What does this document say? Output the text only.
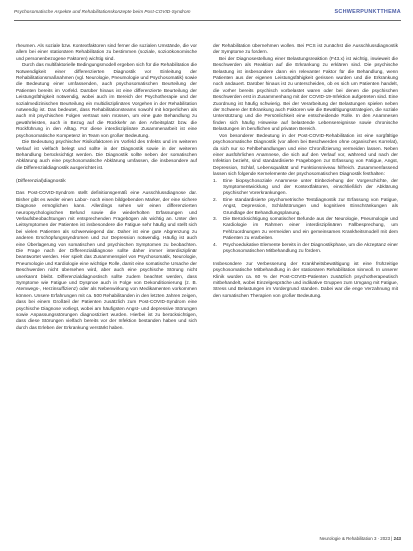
Psychosomatische Aspekte und Rehabilitationskonzepte beim Post-COVID-Syndrom	SCHWERPUNKTTHEMA

rheumen. Als soziale bzw. Kontextfaktoren sind ferner die sozialen Umstände, die vor allem bei einer stationären Rehabilitation zu bestimmen (soziale, sozioökonomische und personenbezogene Faktoren) wichtig sind.

Durch das multifaktorielle Bedingungsmodell ergeben sich für die Rehabilitation die Notwendigkeit einer differenzierten Diagnostik vor Einleitung der Rehabilitationsmaßnahmen (vgl. Neurologie, Pneumologie und Psychosomatik) sowie die Bedeutung einer umfassenden, auch psychosomatischen Beurteilung der Patienten bereits im Vorfeld. Darüber hinaus ist eine differenzierte Beurteilung der Leistungsfähigkeit notwendig, wobei auch im Bereich der Psychotherapie und der sozialmedizinischen Beurteilung ein multidisziplinäres Vorgehen in der Rehabilitation notwendig ist. Das bedeutet, dass Rehabilitationsteams sowohl mit körperlichen als auch mit psychischen Folgen vertraut sein müssen, um eine gute Behandlung zu gewährleisten, auch in Bezug auf die Rückkehr an den Arbeitsplatz bzw. die Rückführung in den Alltag. Für diese interdisziplinäre Zusammenarbeit ist eine psychosomatische Kompetenz im Team von großer Bedeutung.

Die Bedeutung psychischer Risikofaktoren im Vorfeld des Infekts und im weiteren Verlauf ist vielfach belegt und sollte in der Diagnostik sowie in der weiteren Behandlung berücksichtigt werden. Die Diagnostik sollte neben der somatischen Abklärung auch eine psychosomatische Abklärung umfassen, die insbesondere auf die Differenzialdiagnostik ausgerichtet ist.

(Differenzial)diagnostik

Das Post-COVID-Syndrom stellt definitionsgemäß eine Ausschlussdiagnose dar. Bisher gibt es weder einen Labor- noch einen bildgebenden Marker, der eine sichere Diagnose ermöglichen kann. Allerdings sehen wir einen differenzierten neuropsychologischen Befund sowie die wiederholten Erfassungen und Verlaufsbeobachtungen mit entsprechenden Fragebögen als wichtig an. Unter den Leitsymptomen der Patienten ist insbesondere die Fatigue sehr häufig und stellt sich bei vielen Patienten als schwerwiegend dar. Daher ist eine gute Abgrenzung zu anderen Erschöpfungssyndromen und zur Depression notwendig. Häufig ist auch eine Überlagerung von somatischen und psychischen Symptomen zu beobachten. Die Frage nach der Differenzialdiagnose sollte daher immer interdisziplinär beantwortet werden. Hier spielt das Zusammenspiel von Psychosomatik, Neurologie, Pneumologie und Kardiologie eine wichtige Rolle, damit eine somatische Ursache der Beschwerden nicht übersehen wird, aber auch eine psychische Störung nicht unerkannt bleibt. Differenzialdiagnostisch sollte zudem beachtet werden, dass Symptome wie Fatigue und Dyspnoe auch in Folge von Dekonditionierung (z. B. Atemwegs-, Herzinsuffizienz) oder als Nebenwirkung von Medikamenten vorkommen können. Unsere Erfahrungen mit ca. 500 Rehabilitanden in den letzten Jahren zeigen, dass bei einem Großteil der Patienten zusätzlich zum Post-COVID-Syndrom eine psychische Diagnose vorliegt, wobei am häufigsten Angst- und depressive Störungen sowie Anpassungsstörungen diagnostiziert wurden. Hierbei ist zu berücksichtigen, dass diese Störungen vielfach bereits vor der Infektion bestanden haben und sich durch das Erleben der Erkrankung verstärkt haben.

der Rehabilitation übernehmen wollen. Bei PCS ist zunächst die Ausschlussdiagnostik der Symptome zu fordern.

Bei der Diagnosestellung einer Belastungsreaktion (F43.x) ist wichtig, inwieweit die Beschwerden als Reaktion auf die Erkrankung zu erklären sind. Die psychische Belastung ist insbesondere dann ein relevanter Faktor für die Behandlung, wenn Patienten aus der eigenen Leistungsfähigkeit gerissen wurden und die Erkrankung noch andauert. Darüber hinaus ist zu unterscheiden, ob es sich um Patienten handelt, die vorher bereits psychisch vorbelastet waren oder bei denen die psychischen Beschwerden erst in Zusammenhang mit der COVID-19-Infektion aufgetreten sind. Eine Zuordnung ist häufig schwierig. Bei der Verarbeitung der Belastungen spielen neben der Schwere der Erkrankung auch Faktoren wie die Bewältigungsstrategien, die soziale Unterstützung und die Persönlichkeit eine entscheidende Rolle. In den Anamnesen finden sich häufig Hinweise auf belastende Lebensereignisse sowie chronische Belastungen im beruflichen und privaten Bereich.

Von besonderer Bedeutung in der Post-COVID-Rehabilitation ist eine sorgfältige psychosomatische Diagnostik (vor allem bei Beschwerden ohne organisches Korrelat), da sich nur so Fehlbehandlungen und eine Chronifizierung vermeiden lassen. Neben einer ausführlichen Anamnese, die sich auf den Verlauf vor, während und nach der Infektion bezieht, sind standardisierte Fragebögen zur Erfassung von Fatigue, Angst, Depression, Schlaf, Lebensqualität und Funktionsniveau hilfreich. Zusammenfassend lassen sich folgende Kernelemente der psychosomatischen Diagnostik festhalten:

1. Eine biopsychosoziale Anamnese unter Einbeziehung der Vorgeschichte, der Symptomentwicklung und der Kontextfaktoren, einschließlich der Abklärung psychischer Vorerkrankungen.
2. Eine standardisierte psychometrische Testdiagnostik zur Erfassung von Fatigue, Angst, Depression, Schlafstörungen und kognitiven Einschränkungen als Grundlage der Behandlungsplanung.
3. Die Berücksichtigung somatischer Befunde aus der Neurologie, Pneumologie und Kardiologie im Rahmen einer interdisziplinären Fallbesprechung, um Fehlzuordnungen zu vermeiden und ein gemeinsames Krankheitsmodell mit dem Patienten zu erarbeiten.
4. Psychoedukative Elemente bereits in der Diagnostikphase, um die Akzeptanz einer psychosomatischen Mitbehandlung zu fördern.

Insbesondere zur Verbesserung der Krankheitsbewältigung ist eine frühzeitige psychosomatische Mitbehandlung in der stationären Rehabilitation sinnvoll. In unserer Klinik wurden ca. 60 % der Post-COVID-Patienten zusätzlich psychotherapeutisch mitbehandelt, wobei Einzelgespräche und indikative Gruppen zum Umgang mit Fatigue, Stress und Belastungen im Vordergrund standen. Dabei war die enge Verzahnung mit den somatischen Therapien von großer Bedeutung.

Neurologie & Rehabilitation 3 · 2023 | 243
